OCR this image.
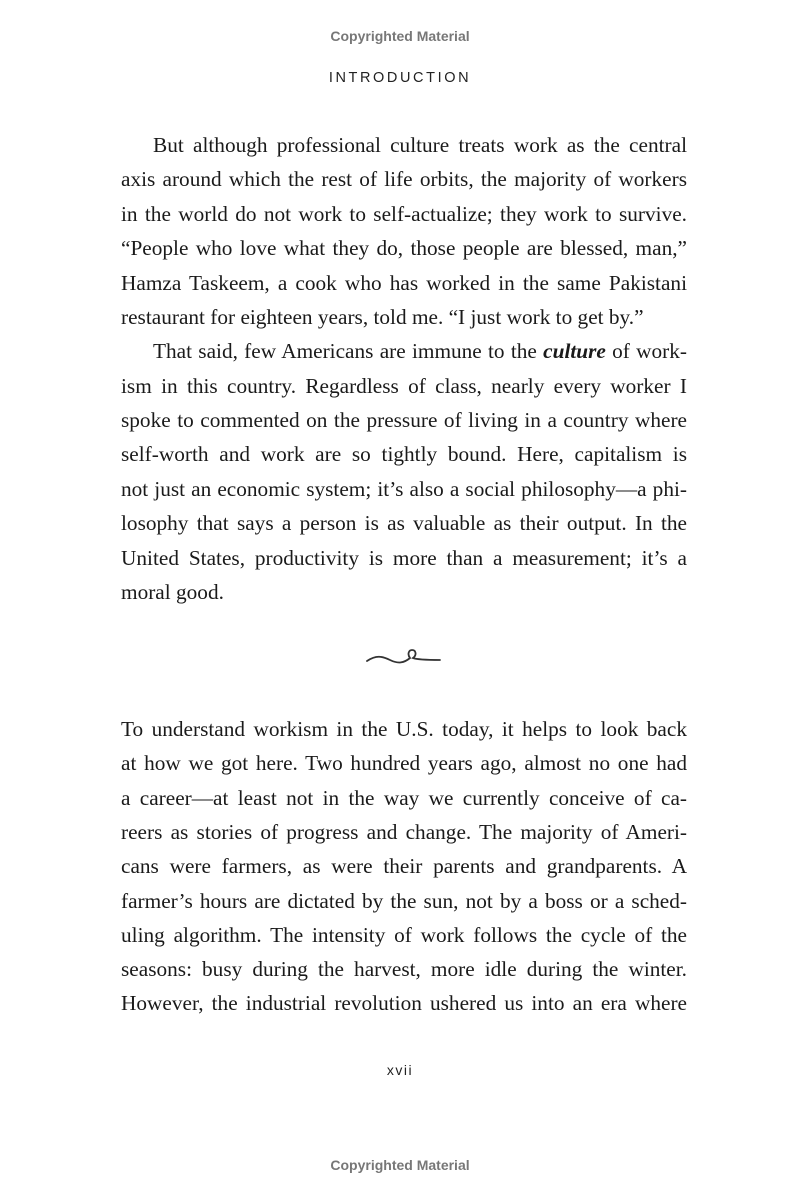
Copyrighted Material
INTRODUCTION
But although professional culture treats work as the central
axis around which the rest of life orbits, the majority of workers
in the world do not work to self-actualize; they work to survive.
“People who love what they do, those people are blessed, man,”
Hamza Taskeem, a cook who has worked in the same Pakistani
restaurant for eighteen years, told me. “I just work to get by.”
That said, few Americans are immune to the culture of work-
ism in this country. Regardless of class, nearly every worker I
spoke to commented on the pressure of living in a country where
self-worth and work are so tightly bound. Here, capitalism is
not just an economic system; it’s also a social philosophy—a phi-
losophy that says a person is as valuable as their output. In the
United States, productivity is more than a measurement; it’s a
moral good.
To understand workism in the U.S. today, it helps to look back
at how we got here. Two hundred years ago, almost no one had
a career—at least not in the way we currently conceive of ca-
reers as stories of progress and change. The majority of Ameri-
cans were farmers, as were their parents and grandparents. A
farmer’s hours are dictated by the sun, not by a boss or a sched-
uling algorithm. The intensity of work follows the cycle of the
seasons: busy during the harvest, more idle during the winter.
However, the industrial revolution ushered us into an era where
xvii
Copyrighted Material
